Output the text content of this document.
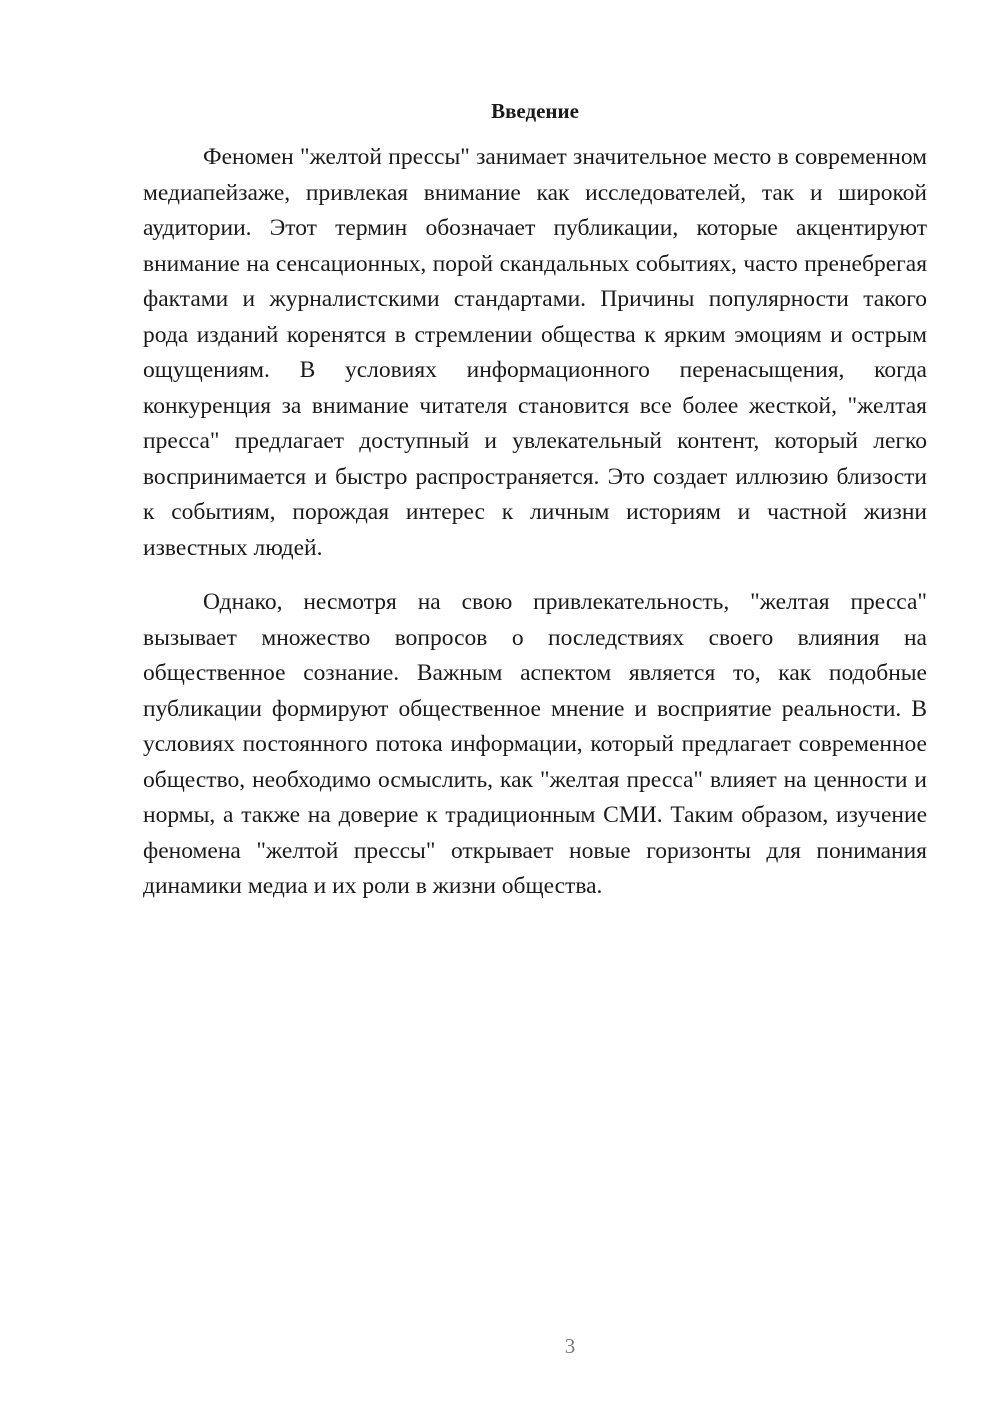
Введение

Феномен "желтой прессы" занимает значительное место в современном медиапейзаже, привлекая внимание как исследователей, так и широкой аудитории. Этот термин обозначает публикации, которые акцентируют внимание на сенсационных, порой скандальных событиях, часто пренебрегая фактами и журналистскими стандартами. Причины популярности такого рода изданий коренятся в стремлении общества к ярким эмоциям и острым ощущениям. В условиях информационного перенасыщения, когда конкуренция за внимание читателя становится все более жесткой, "желтая пресса" предлагает доступный и увлекательный контент, который легко воспринимается и быстро распространяется. Это создает иллюзию близости к событиям, порождая интерес к личным историям и частной жизни известных людей.

Однако, несмотря на свою привлекательность, "желтая пресса" вызывает множество вопросов о последствиях своего влияния на общественное сознание. Важным аспектом является то, как подобные публикации формируют общественное мнение и восприятие реальности. В условиях постоянного потока информации, который предлагает современное общество, необходимо осмыслить, как "желтая пресса" влияет на ценности и нормы, а также на доверие к традиционным СМИ. Таким образом, изучение феномена "желтой прессы" открывает новые горизонты для понимания динамики медиа и их роли в жизни общества.

3
